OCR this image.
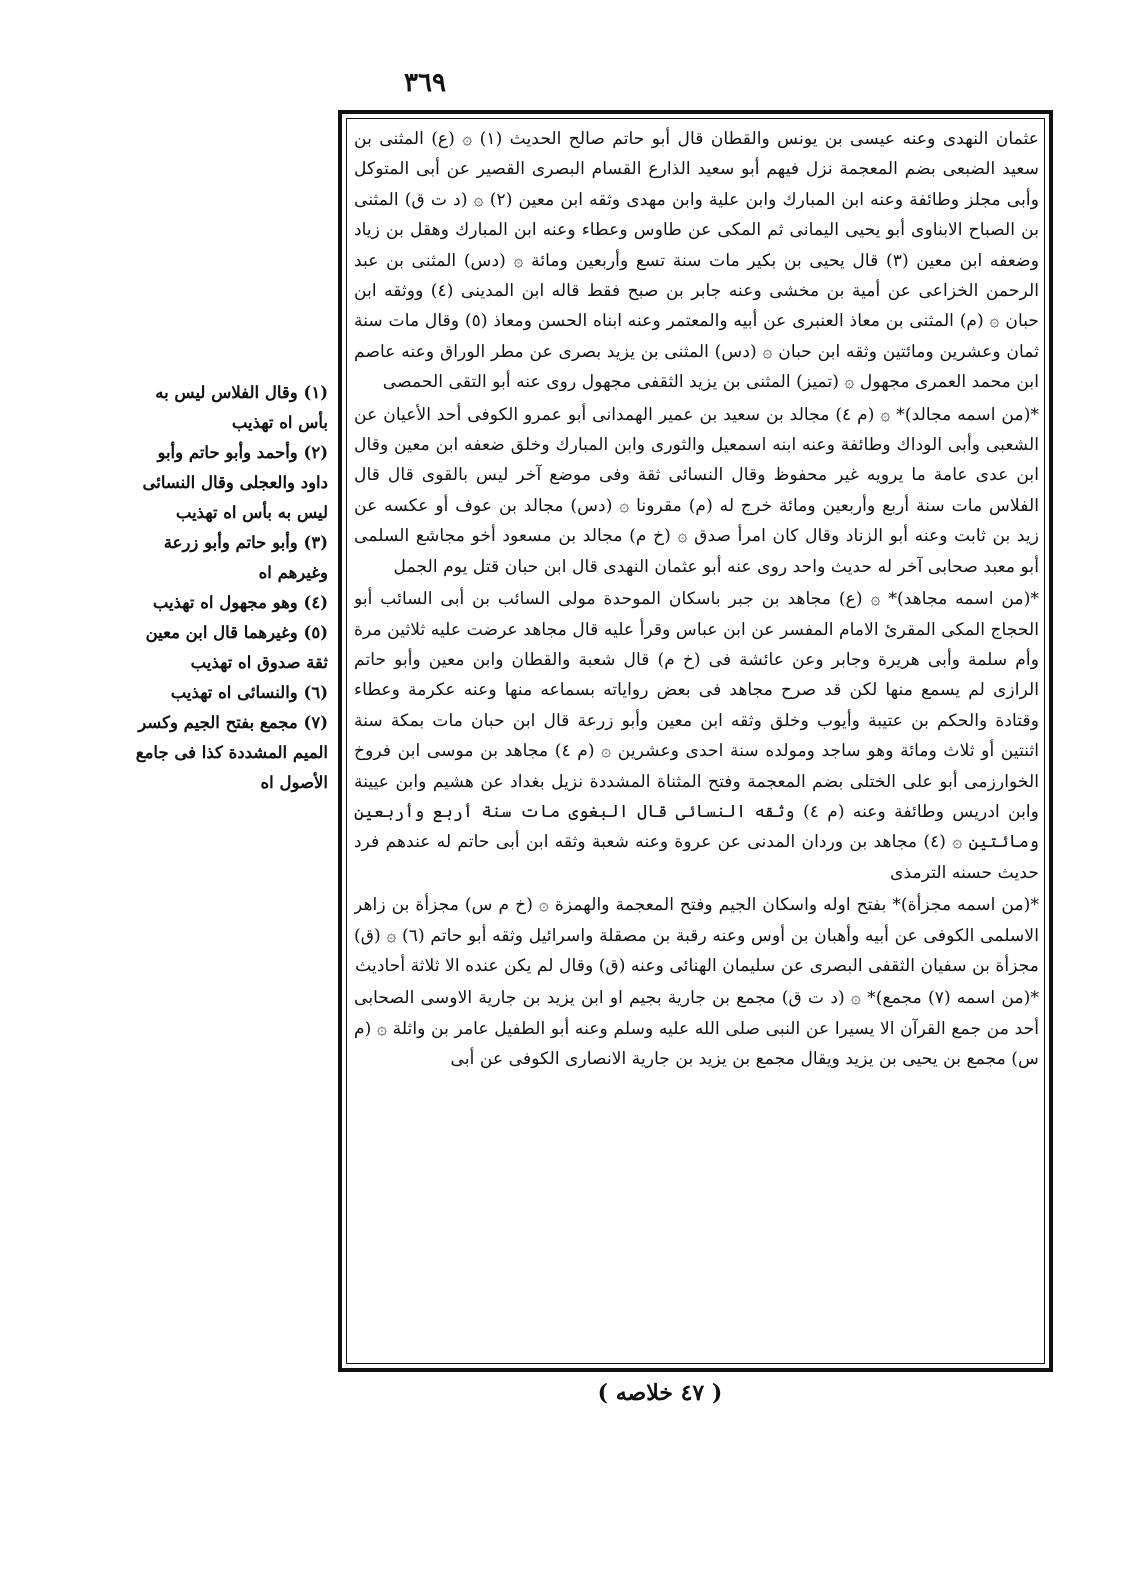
٣٦٩

عثمان النهدى وعنه عيسى بن يونس والقطان قال أبو حاتم صالح الحديث (١) ۞ (ع) المثنى بن سعيد الضبعى بضم المعجمة نزل فيهم أبو سعيد الذارع القسام البصرى القصير عن أبى المتوكل وأبى مجلز وطائفة وعنه ابن المبارك وابن علية وابن مهدى وثقه ابن معين (٢) ۞ (د ت ق) المثنى بن الصباح الابناوى أبو يحيى اليمانى ثم المكى عن طاوس وعطاء وعنه ابن المبارك وهقل بن زياد وضعفه ابن معين (٣) قال يحيى بن بكير مات سنة تسع وأربعين ومائة ۞ (دس) المثنى بن عبد الرحمن الخزاعى عن أمية بن مخشى وعنه جابر بن صبح فقط قاله ابن المدينى (٤) ووثقه ابن حبان ۞ (م) المثنى بن معاذ العنبرى عن أبيه والمعتمر وعنه ابناه الحسن ومعاذ (٥) وقال مات سنة ثمان وعشرين ومائتين وثقه ابن حبان ۞ (دس) المثنى بن يزيد بصرى عن مطر الوراق وعنه عاصم ابن محمد العمرى مجهول ۞ (تميز) المثنى بن يزيد الثقفى مجهول روى عنه أبو التقى الحمصى

*(من اسمه مجالد)* ۞ (م ٤) مجالد بن سعيد بن عمير الهمدانى أبو عمرو الكوفى أحد الأعيان عن الشعبى وأبى الوداك وطائفة وعنه ابنه اسمعيل والثورى وابن المبارك وخلق ضعفه ابن معين وقال ابن عدى عامة ما يرويه غير محفوظ وقال النسائى ثقة وفى موضع آخر ليس بالقوى قال قال الفلاس مات سنة أربع وأربعين ومائة خرج له (م) مقرونا ۞ (دس) مجالد بن عوف أو عكسه عن زيد بن ثابت وعنه أبو الزناد وقال كان امرأ صدق ۞ (خ م) مجالد بن مسعود أخو مجاشع السلمى أبو معبد صحابى آخر له حديث واحد روى عنه أبو عثمان النهدى قال ابن حبان قتل يوم الجمل

*(من اسمه مجاهد)* ۞ (ع) مجاهد بن جبر باسكان الموحدة مولى السائب بن أبى السائب أبو الحجاج المكى المقرئ الامام المفسر عن ابن عباس وقرأ عليه قال مجاهد عرضت عليه ثلاثين مرة وأم سلمة وأبى هريرة وجابر وعن عائشة فى (خ م) قال شعبة والقطان وابن معين وأبو حاتم الرازى لم يسمع منها لكن قد صرح مجاهد فى بعض رواياته بسماعه منها وعنه عكرمة وعطاء وقتادة والحكم بن عتيبة وأيوب وخلق وثقه ابن معين وأبو زرعة قال ابن حبان مات بمكة سنة اثنتين أو ثلاث ومائة وهو ساجد ومولده سنة احدى وعشرين ۞ (م ٤) مجاهد بن موسى ابن فروخ الخوارزمى أبو على الختلى بضم المعجمة وفتح المثناة المشددة نزيل بغداد عن هشيم وابن عيينة وابن ادريس وطائفة وعنه (م ٤) وثقه النسائى قال البغوى مات سنة أربع وأربعين ومائتين ۞ (٤) مجاهد بن وردان المدنى عن عروة وعنه شعبة وثقه ابن أبى حاتم له عندهم فرد حديث حسنه الترمذى

*(من اسمه مجزأة)* بفتح اوله واسكان الجيم وفتح المعجمة والهمزة ۞ (خ م س) مجزأة بن زاهر الاسلمى الكوفى عن أبيه وأهبان بن أوس وعنه رقبة بن مصقلة واسرائيل وثقه أبو حاتم (٦) ۞ (ق) مجزأة بن سفيان الثقفى البصرى عن سليمان الهنائى وعنه (ق) وقال لم يكن عنده الا ثلاثة أحاديث

*(من اسمه (٧) مجمع)* ۞ (د ت ق) مجمع بن جارية بجيم او ابن يزيد بن جارية الاوسى الصحابى أحد من جمع القرآن الا يسيرا عن النبى صلى الله عليه وسلم وعنه أبو الطفيل عامر بن واثلة ۞ (م س) مجمع بن يحيى بن يزيد ويقال مجمع بن يزيد بن جارية الانصارى الكوفى عن أبى

(١) وقال الفلاس ليس به بأس اه تهذيب

(٢) وأحمد وأبو حاتم وأبو داود والعجلى وقال النسائى ليس به بأس اه تهذيب

(٣) وأبو حاتم وأبو زرعة وغيرهم اه

(٤) وهو مجهول اه تهذيب

(٥) وغيرهما قال ابن معين ثقة صدوق اه تهذيب

(٦) والنسائى اه تهذيب

(٧) مجمع بفتح الجيم وكسر الميم المشددة كذا فى جامع الأصول اه

( ٤٧ خلاصه )
